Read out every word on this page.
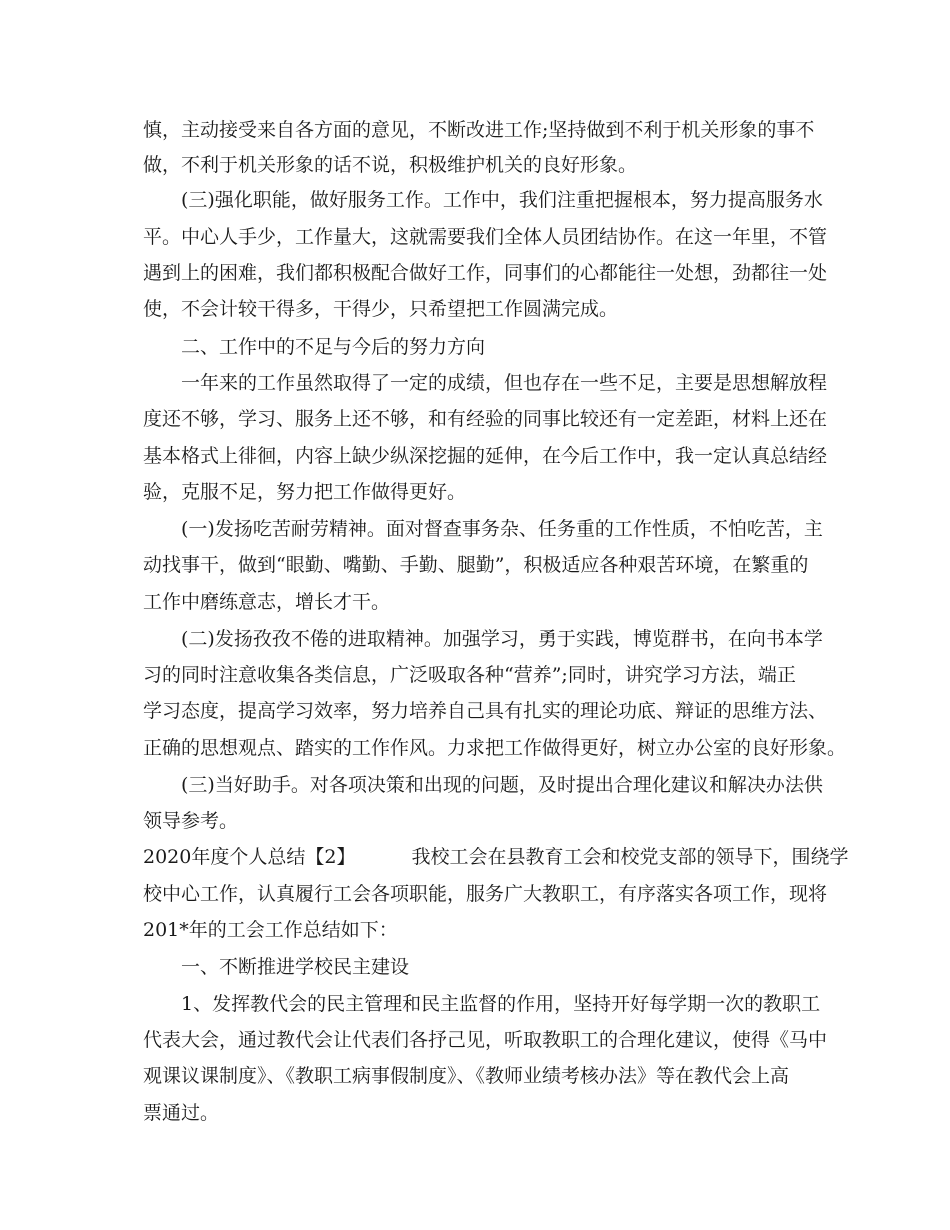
慎，主动接受来自各方面的意见，不断改进工作;坚持做到不利于机关形象的事不
做，不利于机关形象的话不说，积极维护机关的良好形象。
(三)强化职能，做好服务工作。工作中，我们注重把握根本，努力提高服务水
平。中心人手少，工作量大，这就需要我们全体人员团结协作。在这一年里，不管
遇到上的困难，我们都积极配合做好工作，同事们的心都能往一处想，劲都往一处
使，不会计较干得多，干得少，只希望把工作圆满完成。
二、工作中的不足与今后的努力方向
一年来的工作虽然取得了一定的成绩，但也存在一些不足，主要是思想解放程
度还不够，学习、服务上还不够，和有经验的同事比较还有一定差距，材料上还在
基本格式上徘徊，内容上缺少纵深挖掘的延伸，在今后工作中，我一定认真总结经
验，克服不足，努力把工作做得更好。
(一)发扬吃苦耐劳精神。面对督查事务杂、任务重的工作性质，不怕吃苦，主
动找事干，做到“眼勤、嘴勤、手勤、腿勤”，积极适应各种艰苦环境，在繁重的
工作中磨练意志，增长才干。
(二)发扬孜孜不倦的进取精神。加强学习，勇于实践，博览群书，在向书本学
习的同时注意收集各类信息，广泛吸取各种“营养”;同时，讲究学习方法，端正
学习态度，提高学习效率，努力培养自己具有扎实的理论功底、辩证的思维方法、
正确的思想观点、踏实的工作作风。力求把工作做得更好，树立办公室的良好形象。
(三)当好助手。对各项决策和出现的问题，及时提出合理化建议和解决办法供
领导参考。
2020年度个人总结【2】	我校工会在县教育工会和校党支部的领导下，围绕学
校中心工作，认真履行工会各项职能，服务广大教职工，有序落实各项工作，现将
201*年的工会工作总结如下：
一、不断推进学校民主建设
1、发挥教代会的民主管理和民主监督的作用，坚持开好每学期一次的教职工
代表大会，通过教代会让代表们各抒己见，听取教职工的合理化建议，使得《马中
观课议课制度》、《教职工病事假制度》、《教师业绩考核办法》等在教代会上高
票通过。
